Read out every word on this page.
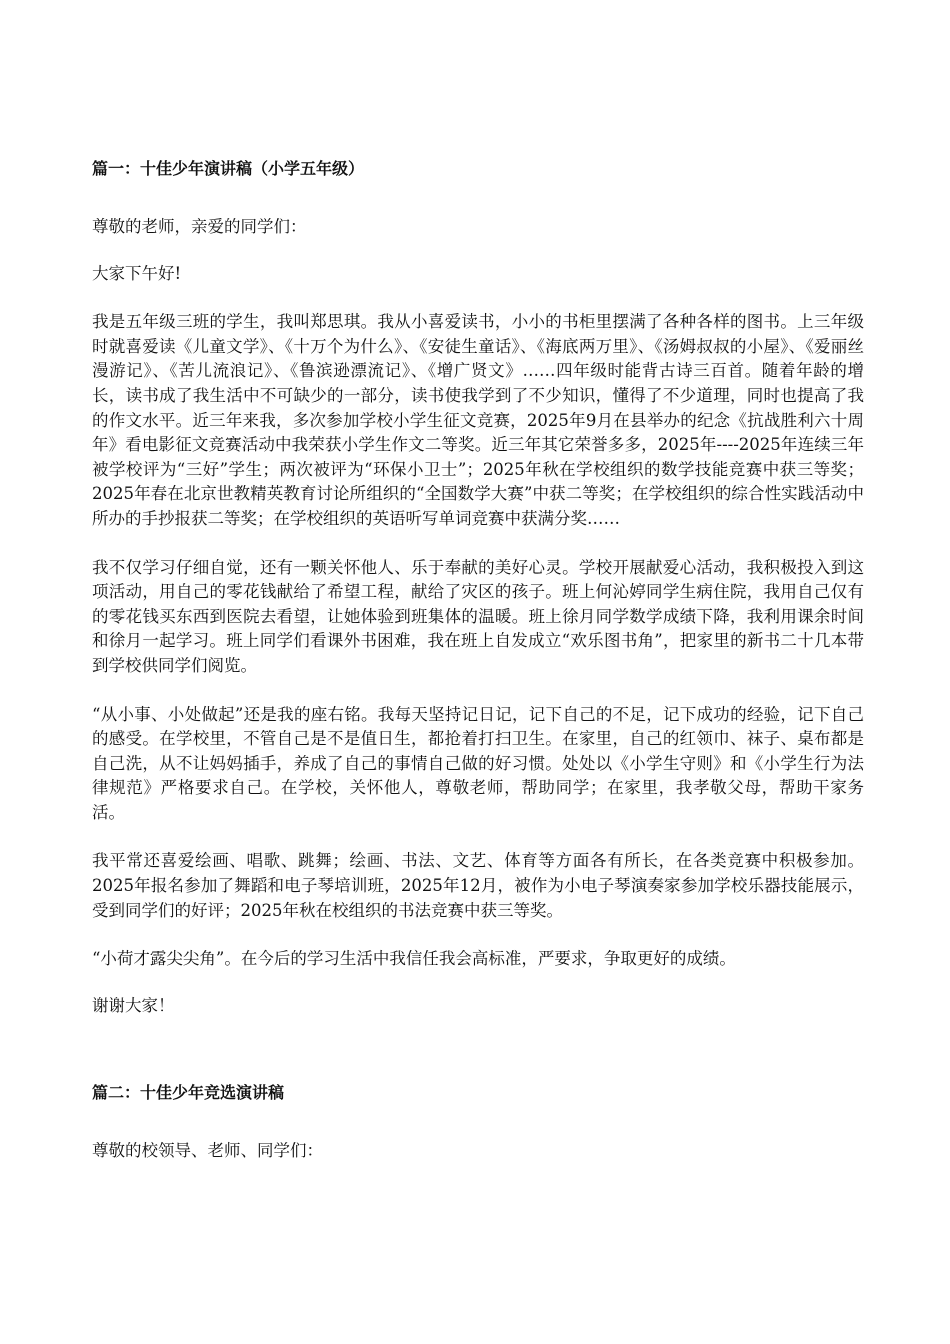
篇一：十佳少年演讲稿（小学五年级）

尊敬的老师，亲爱的同学们：

大家下午好!

我是五年级三班的学生，我叫郑思琪。我从小喜爱读书，小小的书柜里摆满了各种各样的图书。上三年级时就喜爱读《儿童文学》、《十万个为什么》、《安徒生童话》、《海底两万里》、《汤姆叔叔的小屋》、《爱丽丝漫游记》、《苦儿流浪记》、《鲁滨逊漂流记》、《增广贤文》……四年级时能背古诗三百首。随着年龄的增长，读书成了我生活中不可缺少的一部分，读书使我学到了不少知识，懂得了不少道理，同时也提高了我的作文水平。近三年来我，多次参加学校小学生征文竞赛，2025年9月在县举办的纪念《抗战胜利六十周年》看电影征文竞赛活动中我荣获小学生作文二等奖。近三年其它荣誉多多，2025年----2025年连续三年被学校评为“三好”学生；两次被评为“环保小卫士”；2025年秋在学校组织的数学技能竞赛中获三等奖；2025年春在北京世教精英教育讨论所组织的“全国数学大赛”中获二等奖；在学校组织的综合性实践活动中所办的手抄报获二等奖；在学校组织的英语听写单词竞赛中获满分奖……

我不仅学习仔细自觉，还有一颗关怀他人、乐于奉献的美好心灵。学校开展献爱心活动，我积极投入到这项活动，用自己的零花钱献给了希望工程，献给了灾区的孩子。班上何沁婷同学生病住院，我用自己仅有的零花钱买东西到医院去看望，让她体验到班集体的温暖。班上徐月同学数学成绩下降，我利用课余时间和徐月一起学习。班上同学们看课外书困难，我在班上自发成立“欢乐图书角”，把家里的新书二十几本带到学校供同学们阅览。

“从小事、小处做起”还是我的座右铭。我每天坚持记日记，记下自己的不足，记下成功的经验，记下自己的感受。在学校里，不管自己是不是值日生，都抢着打扫卫生。在家里，自己的红领巾、袜子、桌布都是自己洗，从不让妈妈插手，养成了自己的事情自己做的好习惯。处处以《小学生守则》和《小学生行为法律规范》严格要求自己。在学校，关怀他人，尊敬老师，帮助同学；在家里，我孝敬父母，帮助干家务活。

我平常还喜爱绘画、唱歌、跳舞；绘画、书法、文艺、体育等方面各有所长，在各类竞赛中积极参加。2025年报名参加了舞蹈和电子琴培训班，2025年12月，被作为小电子琴演奏家参加学校乐器技能展示，受到同学们的好评；2025年秋在校组织的书法竞赛中获三等奖。

“小荷才露尖尖角”。在今后的学习生活中我信任我会高标准，严要求，争取更好的成绩。

谢谢大家！

篇二：十佳少年竞选演讲稿

尊敬的校领导、老师、同学们：
